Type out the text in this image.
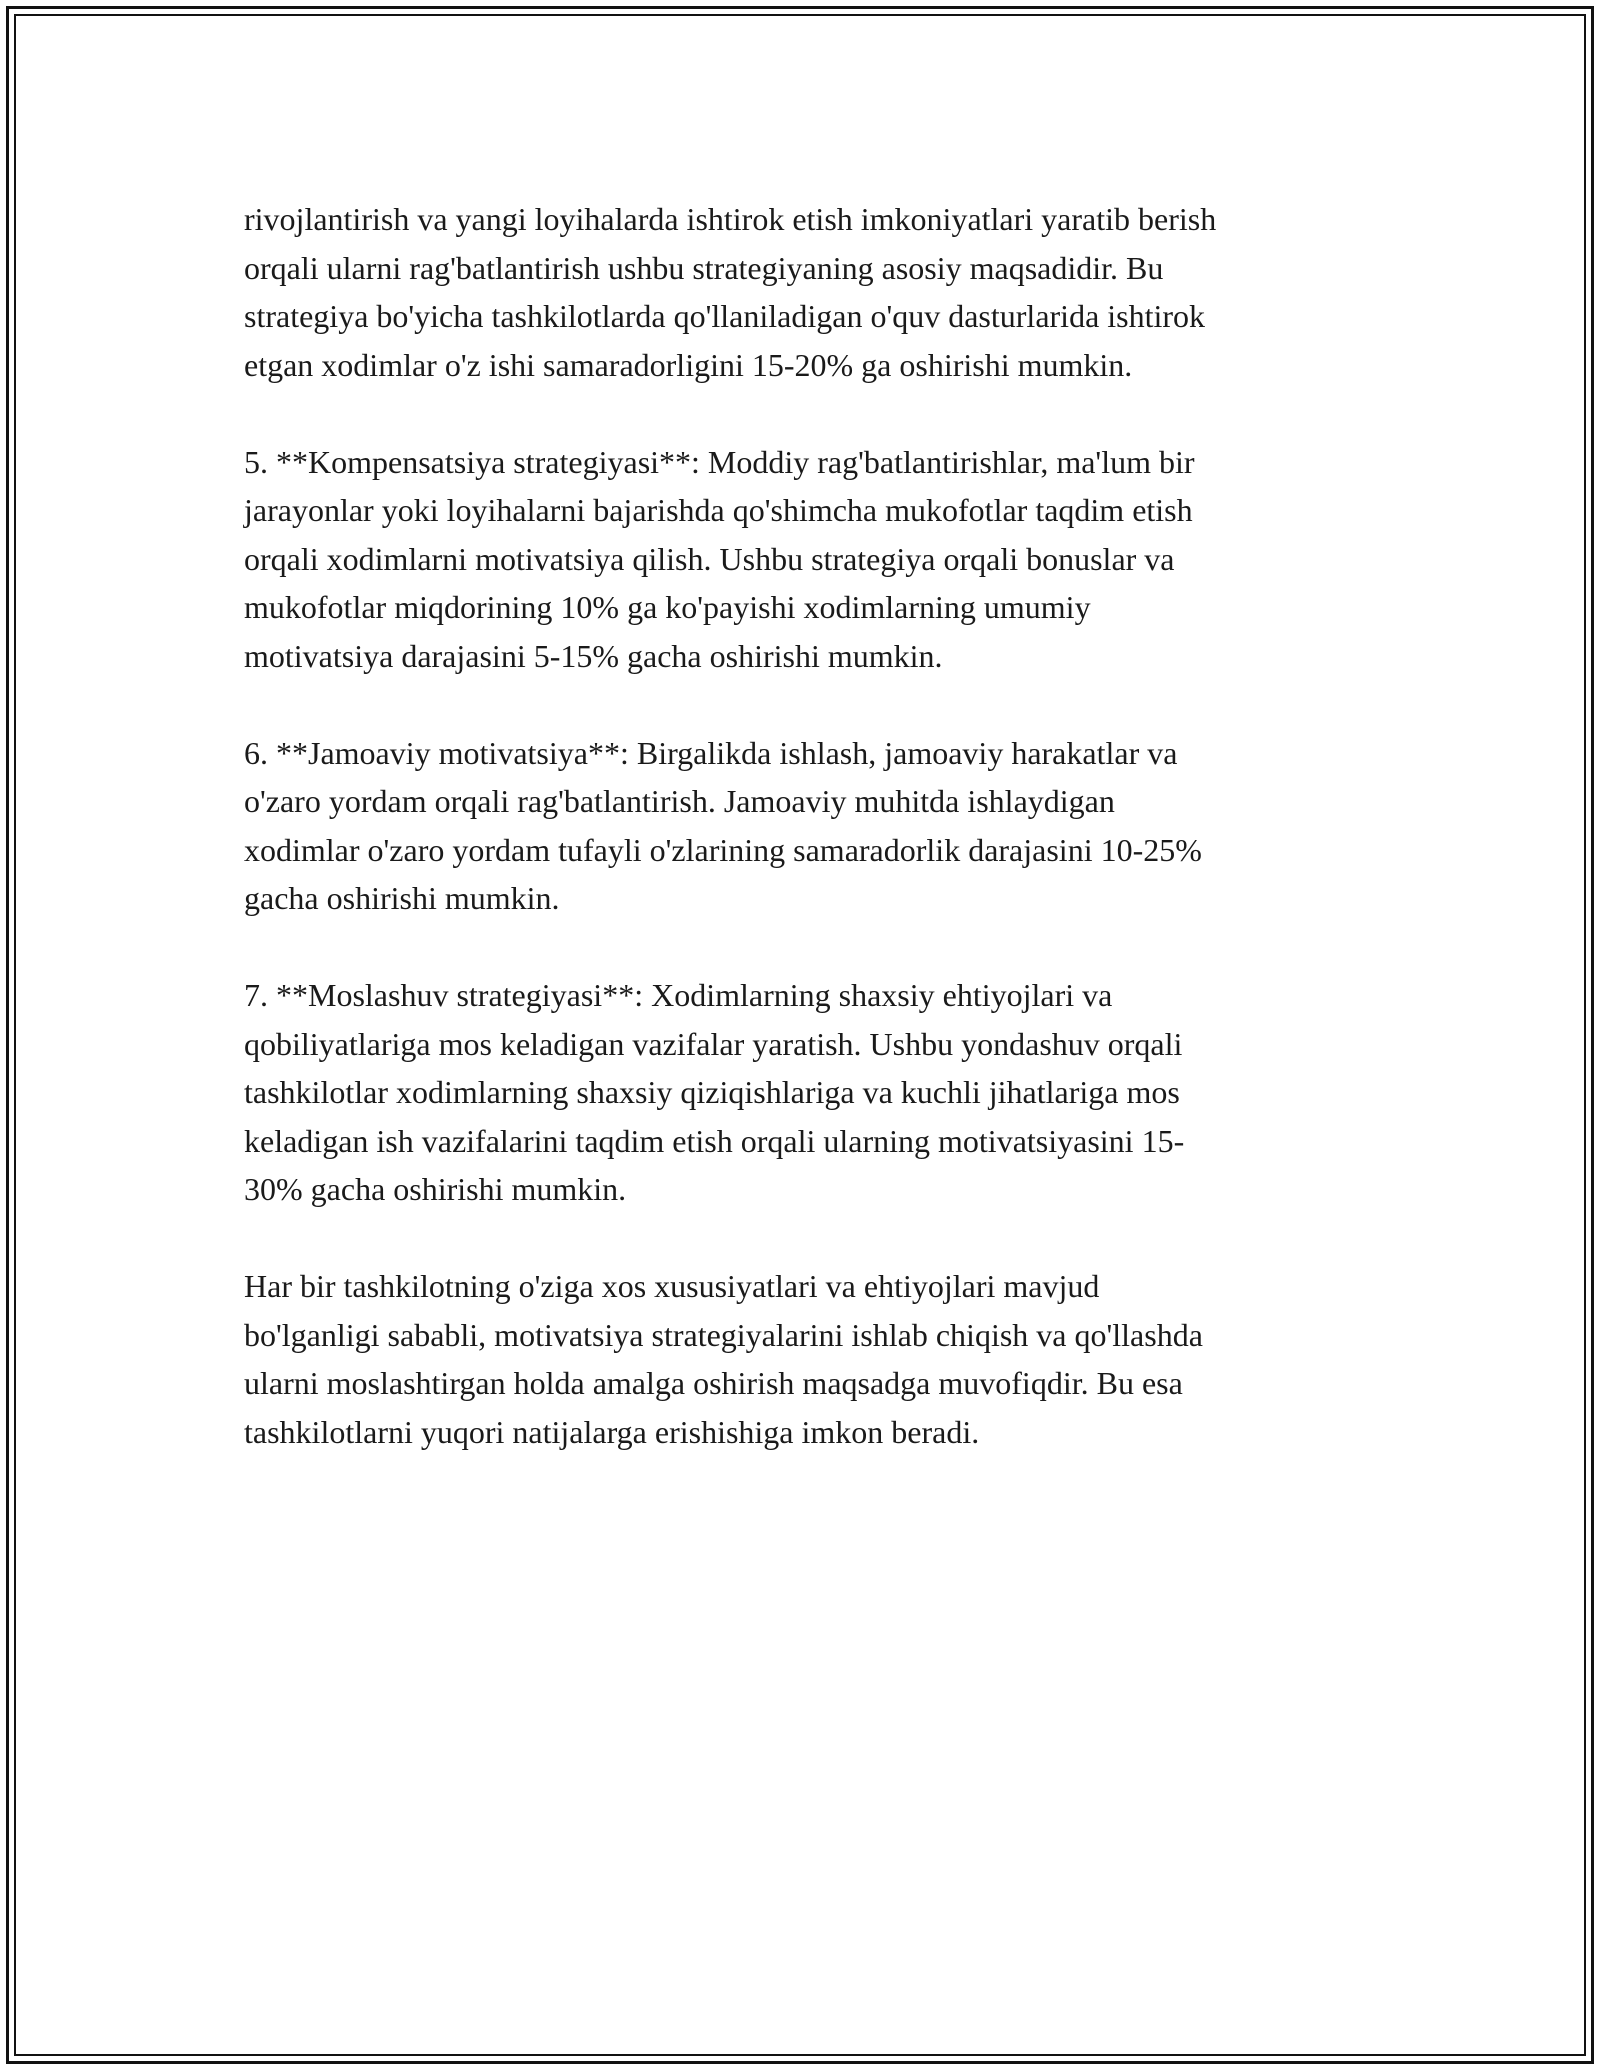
rivojlantirish va yangi loyihalarda ishtirok etish imkoniyatlari yaratib berish
orqali ularni rag'batlantirish ushbu strategiyaning asosiy maqsadidir. Bu
strategiya bo'yicha tashkilotlarda qo'llaniladigan o'quv dasturlarida ishtirok
etgan xodimlar o'z ishi samaradorligini 15-20% ga oshirishi mumkin.

5. **Kompensatsiya strategiyasi**: Moddiy rag'batlantirishlar, ma'lum bir
jarayonlar yoki loyihalarni bajarishda qo'shimcha mukofotlar taqdim etish
orqali xodimlarni motivatsiya qilish. Ushbu strategiya orqali bonuslar va
mukofotlar miqdorining 10% ga ko'payishi xodimlarning umumiy
motivatsiya darajasini 5-15% gacha oshirishi mumkin.

6. **Jamoaviy motivatsiya**: Birgalikda ishlash, jamoaviy harakatlar va
o'zaro yordam orqali rag'batlantirish. Jamoaviy muhitda ishlaydigan
xodimlar o'zaro yordam tufayli o'zlarining samaradorlik darajasini 10-25%
gacha oshirishi mumkin.

7. **Moslashuv strategiyasi**: Xodimlarning shaxsiy ehtiyojlari va
qobiliyatlariga mos keladigan vazifalar yaratish. Ushbu yondashuv orqali
tashkilotlar xodimlarning shaxsiy qiziqishlariga va kuchli jihatlariga mos
keladigan ish vazifalarini taqdim etish orqali ularning motivatsiyasini 15-
30% gacha oshirishi mumkin.

Har bir tashkilotning o'ziga xos xususiyatlari va ehtiyojlari mavjud
bo'lganligi sababli, motivatsiya strategiyalarini ishlab chiqish va qo'llashda
ularni moslashtirgan holda amalga oshirish maqsadga muvofiqdir. Bu esa
tashkilotlarni yuqori natijalarga erishishiga imkon beradi.
